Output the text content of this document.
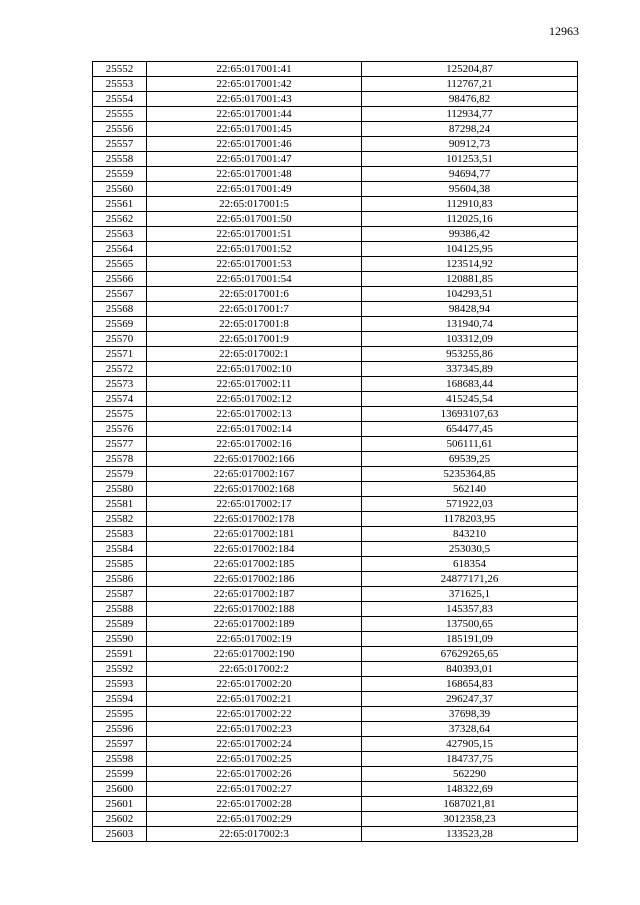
12963
25552	22:65:017001:41	125204,87
25553	22:65:017001:42	112767,21
25554	22:65:017001:43	98476,82
25555	22:65:017001:44	112934,77
25556	22:65:017001:45	87298,24
25557	22:65:017001:46	90912,73
25558	22:65:017001:47	101253,51
25559	22:65:017001:48	94694,77
25560	22:65:017001:49	95604,38
25561	22:65:017001:5	112910,83
25562	22:65:017001:50	112025,16
25563	22:65:017001:51	99386,42
25564	22:65:017001:52	104125,95
25565	22:65:017001:53	123514,92
25566	22:65:017001:54	120881,85
25567	22:65:017001:6	104293,51
25568	22:65:017001:7	98428,94
25569	22:65:017001:8	131940,74
25570	22:65:017001:9	103312,09
25571	22:65:017002:1	953255,86
25572	22:65:017002:10	337345,89
25573	22:65:017002:11	168683,44
25574	22:65:017002:12	415245,54
25575	22:65:017002:13	13693107,63
25576	22:65:017002:14	654477,45
25577	22:65:017002:16	506111,61
25578	22:65:017002:166	69539,25
25579	22:65:017002:167	5235364,85
25580	22:65:017002:168	562140
25581	22:65:017002:17	571922,03
25582	22:65:017002:178	1178203,95
25583	22:65:017002:181	843210
25584	22:65:017002:184	253030,5
25585	22:65:017002:185	618354
25586	22:65:017002:186	24877171,26
25587	22:65:017002:187	371625,1
25588	22:65:017002:188	145357,83
25589	22:65:017002:189	137500,65
25590	22:65:017002:19	185191,09
25591	22:65:017002:190	67629265,65
25592	22:65:017002:2	840393,01
25593	22:65:017002:20	168654,83
25594	22:65:017002:21	296247,37
25595	22:65:017002:22	37698,39
25596	22:65:017002:23	37328,64
25597	22:65:017002:24	427905,15
25598	22:65:017002:25	184737,75
25599	22:65:017002:26	562290
25600	22:65:017002:27	148322,69
25601	22:65:017002:28	1687021,81
25602	22:65:017002:29	3012358,23
25603	22:65:017002:3	133523,28
